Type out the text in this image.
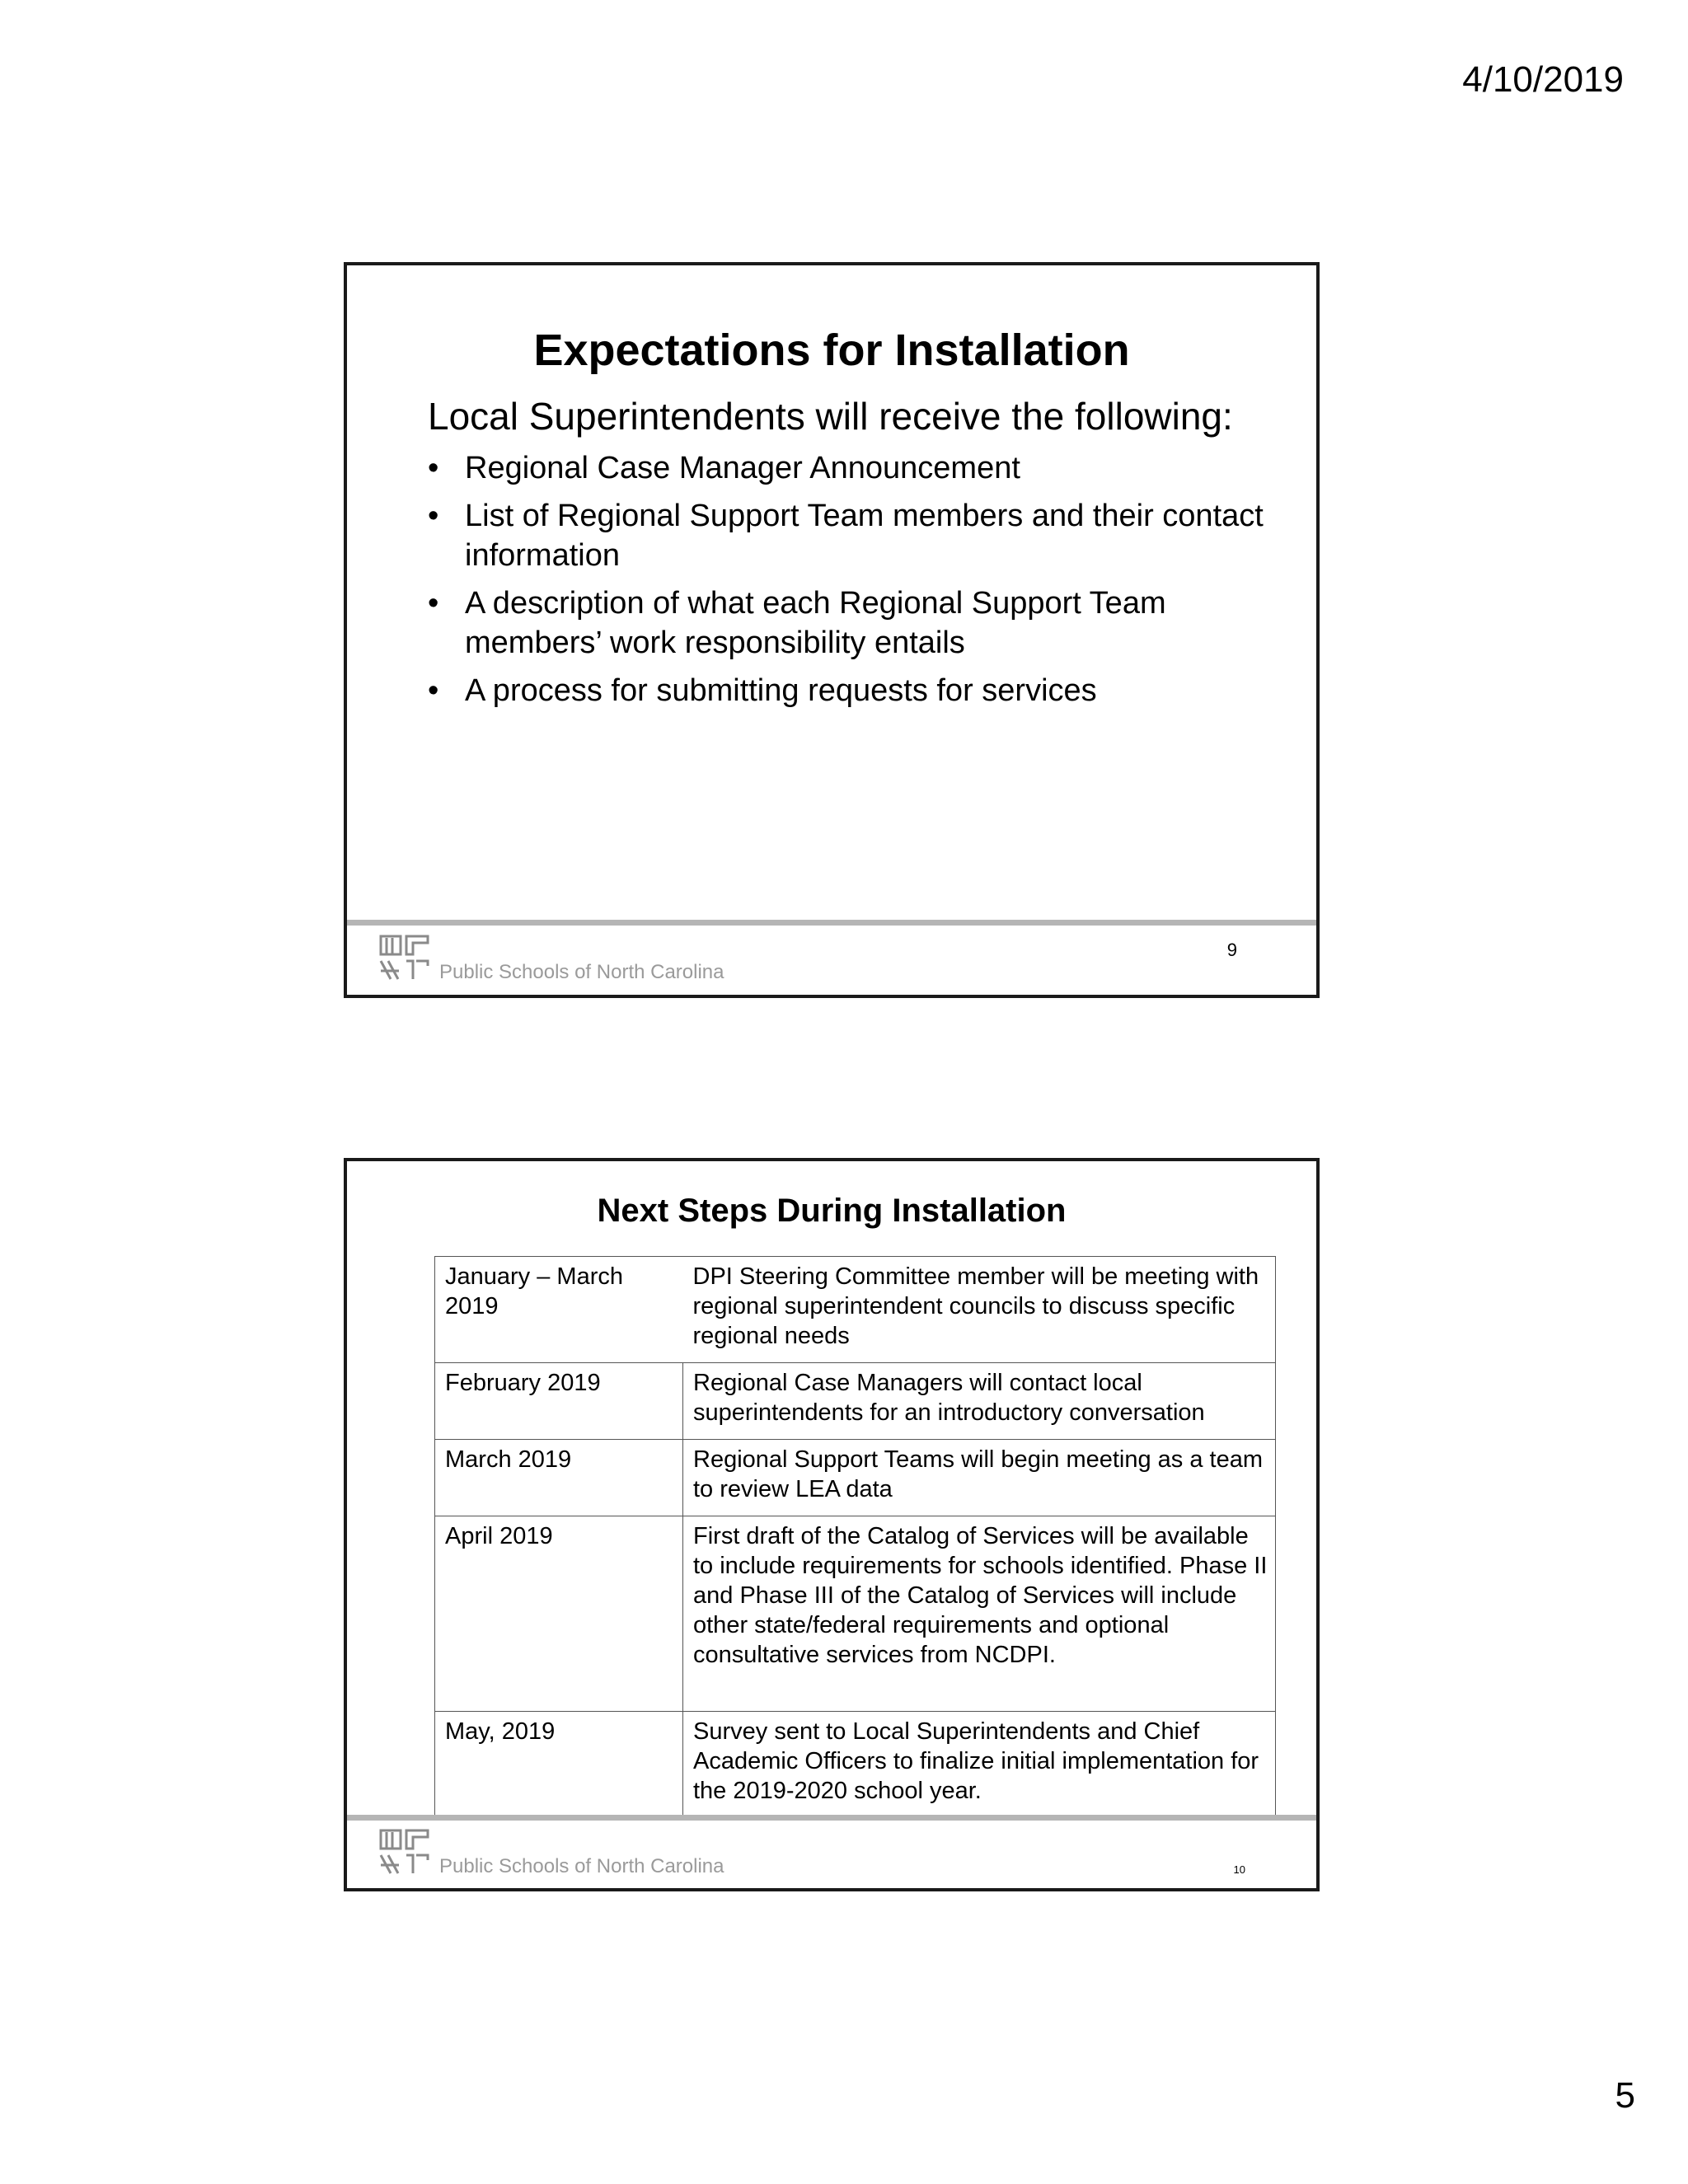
4/10/2019
Expectations for Installation
Local Superintendents will receive the following:
• Regional Case Manager Announcement
• List of Regional Support Team members and their contact information
• A description of what each Regional Support Team members’ work responsibility entails
• A process for submitting requests for services
Public Schools of North Carolina
9
Next Steps During Installation
January – March 2019	DPI Steering Committee member will be meeting with regional superintendent councils to discuss specific regional needs
February 2019	Regional Case Managers will contact local superintendents for an introductory conversation
March 2019	Regional Support Teams will begin meeting as a team to review LEA data
April 2019	First draft of the Catalog of Services will be available to include requirements for schools identified. Phase II and Phase III of the Catalog of Services will include other state/federal requirements and optional consultative services from NCDPI.
May, 2019	Survey sent to Local Superintendents and Chief Academic Officers to finalize initial implementation for the 2019-2020 school year.
Public Schools of North Carolina	10
5
